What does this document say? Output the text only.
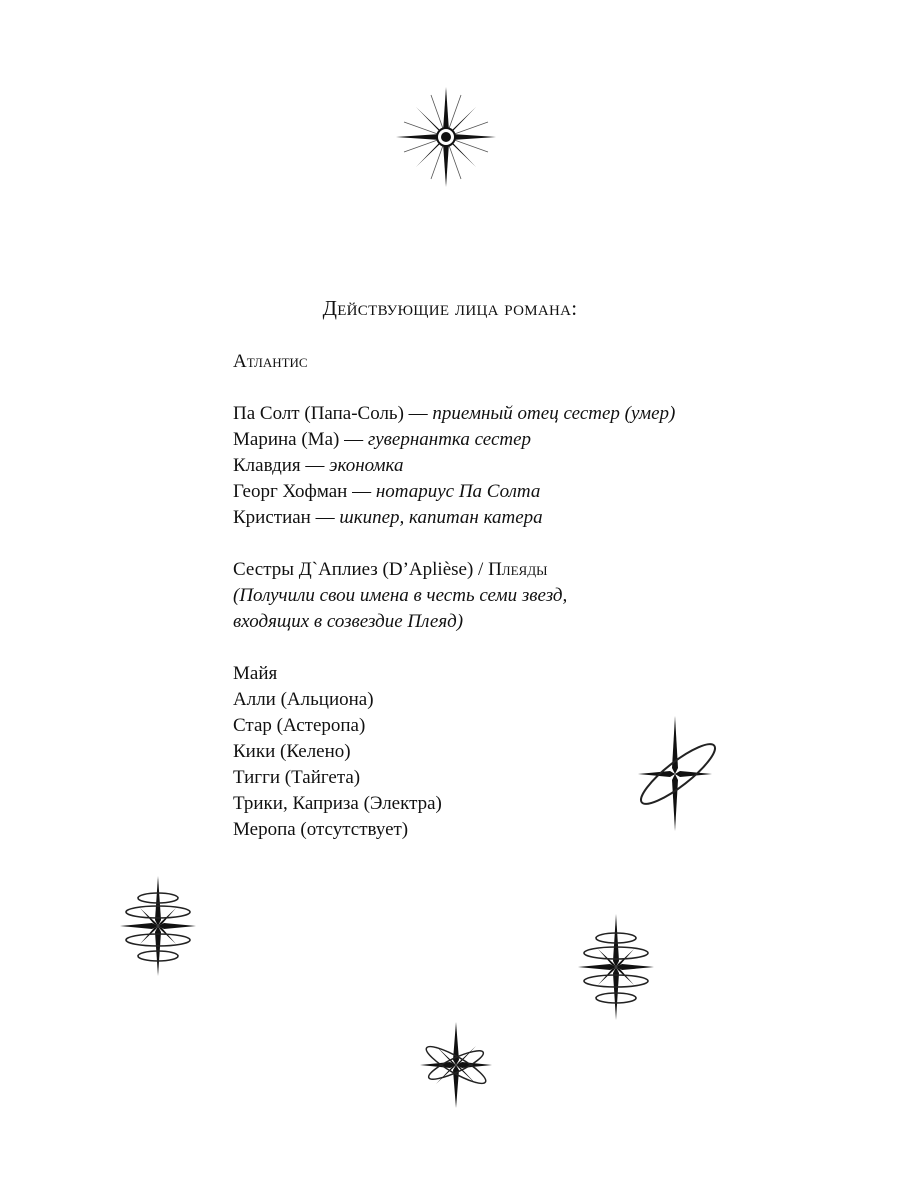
Действующие лица романа:
Атлантис
Па Солт (Папа-Соль) — приемный отец сестер (умер)
Марина (Ма) — гувернантка сестер
Клавдия — экономка
Георг Хофман — нотариус Па Солта
Кристиан — шкипер, капитан катера
Сестры Д`Аплиез (D’Aplièse) / Плеяды
(Получили свои имена в честь семи звезд,
входящих в созвездие Плеяд)
Майя
Алли (Альциона)
Стар (Астеропа)
Кики (Келено)
Тигги (Тайгета)
Трики, Каприза (Электра)
Меропа (отсутствует)
